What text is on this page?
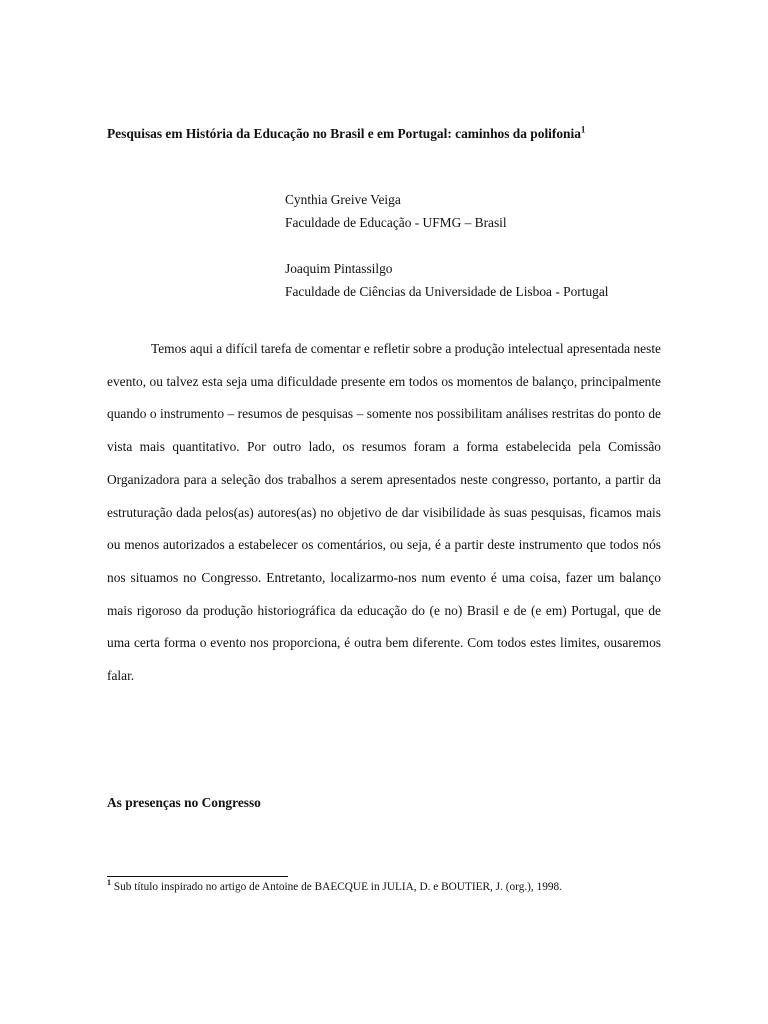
Pesquisas em História da Educação no Brasil e em Portugal: caminhos da polifonia$^1$
Cynthia Greive Veiga
Faculdade de Educação - UFMG – Brasil
Joaquim Pintassilgo
Faculdade de Ciências da Universidade de Lisboa - Portugal
Temos aqui a difícil tarefa de comentar e refletir sobre a produção intelectual apresentada neste evento, ou talvez esta seja uma dificuldade presente em todos os momentos de balanço, principalmente quando o instrumento – resumos de pesquisas – somente nos possibilitam análises restritas do ponto de vista mais quantitativo. Por outro lado, os resumos foram a forma estabelecida pela Comissão Organizadora para a seleção dos trabalhos a serem apresentados neste congresso, portanto, a partir da estruturação dada pelos(as) autores(as) no objetivo de dar visibilidade às suas pesquisas, ficamos mais ou menos autorizados a estabelecer os comentários, ou seja, é a partir deste instrumento que todos nós nos situamos no Congresso. Entretanto, localizarmo-nos num evento é uma coisa, fazer um balanço mais rigoroso da produção historiográfica da educação do (e no) Brasil e de (e em) Portugal, que de uma certa forma o evento nos proporciona, é outra bem diferente. Com todos estes limites, ousaremos falar.
As presenças no Congresso
$^1$ Sub título inspirado no artigo de Antoine de BAECQUE in JULIA, D. e BOUTIER, J. (org.), 1998.
